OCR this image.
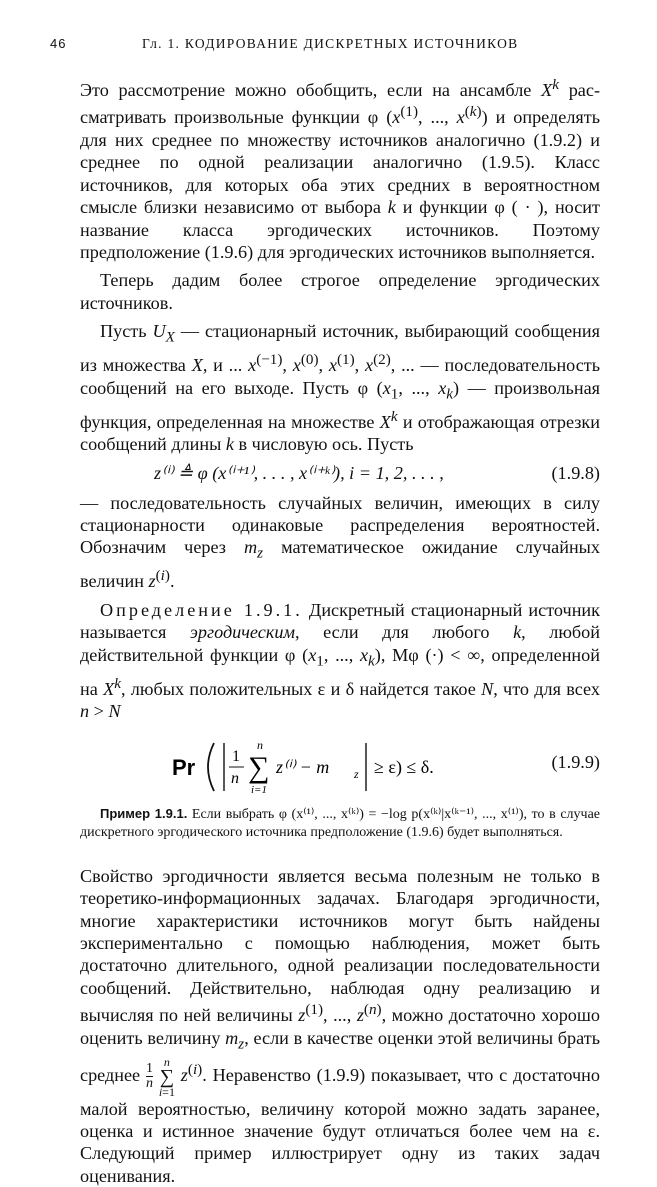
46	Гл. 1. КОДИРОВАНИЕ ДИСКРЕТНЫХ ИСТОЧНИКОВ

Это рассмотрение можно обобщить, если на ансамбле $X^k$ рас-сматривать произвольные функции φ ($x^{(1)}$, ..., $x^{(k)}$) и определять для них среднее по множеству источников аналогично (1.9.2) и среднее по одной реализации аналогично (1.9.5). Класс источников, для которых оба этих средних в вероятностном смысле близки независимо от выбора k и функции φ ( · ), носит название класса эргодических источников. Поэтому предположение (1.9.6) для эргодических источников выполняется.

Теперь дадим более строгое определение эргодических источников.

Пусть $U_X$ — стационарный источник, выбирающий сообщения из множества X, и ... $x^{(-1)}$, $x^{(0)}$, $x^{(1)}$, $x^{(2)}$, ... — последовательность сообщений на его выходе. Пусть φ ($x_1$, ..., $x_k$) — произвольная функция, определенная на множестве $X^k$ и отображающая отрезки сообщений длины k в числовую ось. Пусть

z⁽ⁱ⁾ ≜ φ (x⁽ⁱ⁺¹⁾, . . . , x⁽ⁱ⁺ᵏ⁾), i = 1, 2, . . . ,	(1.9.8)

— последовательность случайных величин, имеющих в силу стационарности одинаковые распределения вероятностей. Обозначим через $m_z$ математическое ожидание случайных величин $z^{(i)}$.

Определение 1.9.1. Дискретный стационарный источник называется эргодическим, если для любого k, любой действительной функции φ ($x_1$, ..., $x_k$), Mφ (·) < ∞, определенной на $X^k$, любых положительных ε и δ найдется такое N, что для всех n > N

Pr 1
n
n
∑
i=1
z⁽ⁱ⁾ − m z ≥ ε) ≤ δ.	(1.9.9)

Пример 1.9.1. Если выбрать φ (x⁽¹⁾, ..., x⁽ᵏ⁾) = −log p(x⁽ᵏ⁾|x⁽ᵏ⁻¹⁾, ..., x⁽¹⁾), то в случае дискретного эргодического источника предположение (1.9.6) будет выполняться.

Свойство эргодичности является весьма полезным не только в теоретико-информационных задачах. Благодаря эргодичности, многие характеристики источников могут быть найдены экспериментально с помощью наблюдения, может быть достаточно длительного, одной реализации последовательности сообщений. Действительно, наблюдая одну реализацию и вычисляя по ней величины $z^{(1)}$, ..., $z^{(n)}$, можно достаточно хорошо оценить величину $m_z$, если в качестве оценки этой величины брать среднее $\frac{1}{n}$
n
∑
i=1 $z^{(i)}$. Неравенство (1.9.9) показывает, что с достаточно малой вероятностью, величину которой можно задать заранее, оценка и истинное значение будут отличаться более чем на ε. Следующий пример иллюстрирует одну из таких задач оценивания.
